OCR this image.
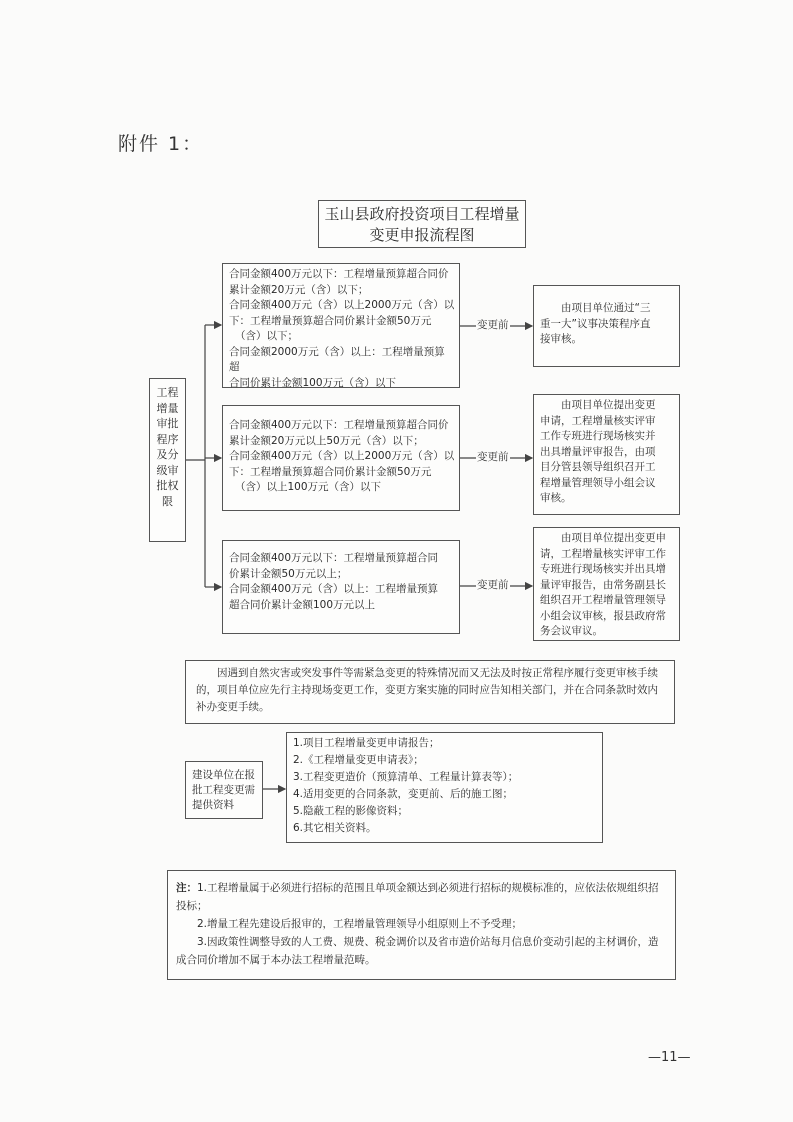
附件 1：
玉山县政府投资项目工程增量
变更申报流程图
工程
增量
审批
程序
及分
级审
批权
限
合同金额400万元以下：工程增量预算超合同价
累计金额20万元（含）以下；
合同金额400万元（含）以上2000万元（含）以
下：工程增量预算超合同价累计金额50万元
（含）以下；
合同金额2000万元（含）以上：工程增量预算超
合同价累计金额100万元（含）以下
合同金额400万元以下：工程增量预算超合同价
累计金额20万元以上50万元（含）以下；
合同金额400万元（含）以上2000万元（含）以
下：工程增量预算超合同价累计金额50万元
（含）以上100万元（含）以下
合同金额400万元以下：工程增量预算超合同
价累计金额50万元以上；
合同金额400万元（含）以上：工程增量预算
超合同价累计金额100万元以上
由项目单位通过“三
重一大”议事决策程序直
接审核。
由项目单位提出变更
申请，工程增量核实评审
工作专班进行现场核实并
出具增量评审报告，由项
目分管县领导组织召开工
程增量管理领导小组会议
审核。
由项目单位提出变更申
请，工程增量核实评审工作
专班进行现场核实并出具增
量评审报告，由常务副县长
组织召开工程增量管理领导
小组会议审核，报县政府常
务会议审议。
变更前
变更前
变更前
因遇到自然灾害或突发事件等需紧急变更的特殊情况而又无法及时按正常程序履行变更审核手续的，项目单位应先行主持现场变更工作，变更方案实施的同时应告知相关部门，并在合同条款时效内补办变更手续。
建设单位在报
批工程变更需
提供资料
1.项目工程增量变更申请报告；
2.《工程增量变更申请表》；
3.工程变更造价（预算清单、工程量计算表等）；
4.适用变更的合同条款，变更前、后的施工图；
5.隐蔽工程的影像资料；
6.其它相关资料。
注：1.工程增量属于必须进行招标的范围且单项金额达到必须进行招标的规模标准的，应依法依规组织招投标；
2.增量工程先建设后报审的，工程增量管理领导小组原则上不予受理；
3.因政策性调整导致的人工费、规费、税金调价以及省市造价站每月信息价变动引起的主材调价，造成合同价增加不属于本办法工程增量范畴。
—11—
